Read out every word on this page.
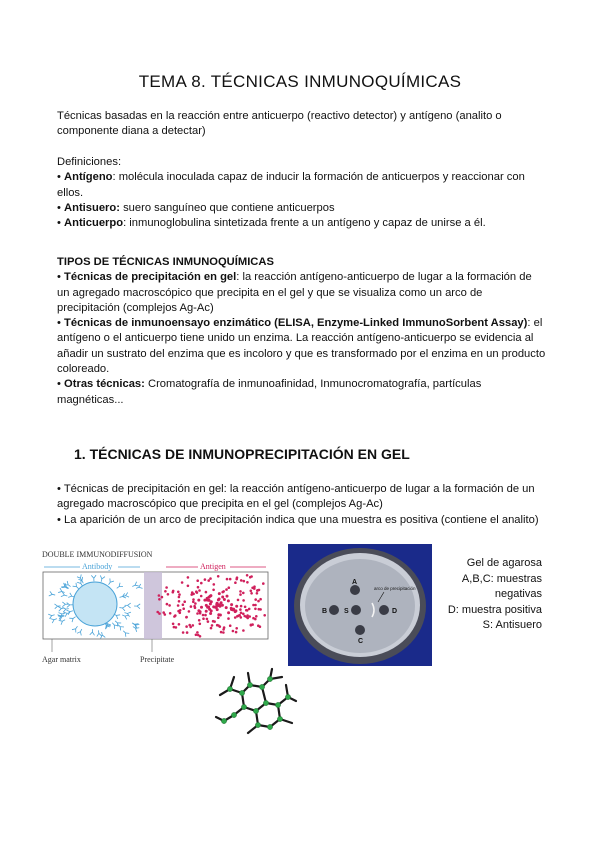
TEMA 8. TÉCNICAS INMUNOQUÍMICAS

Técnicas basadas en la reacción entre anticuerpo (reactivo detector) y antígeno (analito o componente diana a detectar)

Definiciones:
• Antígeno: molécula inoculada capaz de inducir la formación de anticuerpos y reaccionar con ellos.
• Antisuero: suero sanguíneo que contiene anticuerpos
• Anticuerpo: inmunoglobulina sintetizada frente a un antígeno y capaz de unirse a él.
TIPOS DE TÉCNICAS INMUNOQUÍMICAS
• Técnicas de precipitación en gel: la reacción antígeno-anticuerpo de lugar a la formación de un agregado macroscópico que precipita en el gel y que se visualiza como un arco de precipitación (complejos Ag-Ac)
• Técnicas de inmunoensayo enzimático (ELISA, Enzyme-Linked ImmunoSorbent Assay): el antígeno o el anticuerpo tiene unido un enzima. La reacción antígeno-anticuerpo se evidencia al añadir un sustrato del enzima que es incoloro y que es transformado por el enzima en un producto coloreado.
• Otras técnicas: Cromatografía de inmunoafinidad, Inmunocromatografía, partículas magnéticas...
1. TÉCNICAS DE INMUNOPRECIPITACIÓN EN GEL
• Técnicas de precipitación en gel: la reacción antígeno-anticuerpo de lugar a la formación de un agregado macroscópico que precipita en el gel (complejos Ag-Ac)
• La aparición de un arco de precipitación indica que una muestra es positiva (contiene el analito)
DOUBLE IMMUNODIFFUSION
Antibody	Antigen
Agar matrix	Precipitate
A
B S	D
C
arco de precipitación
Gel de agarosa
A,B,C: muestras
negativas
D: muestra positiva
S: Antisuero
